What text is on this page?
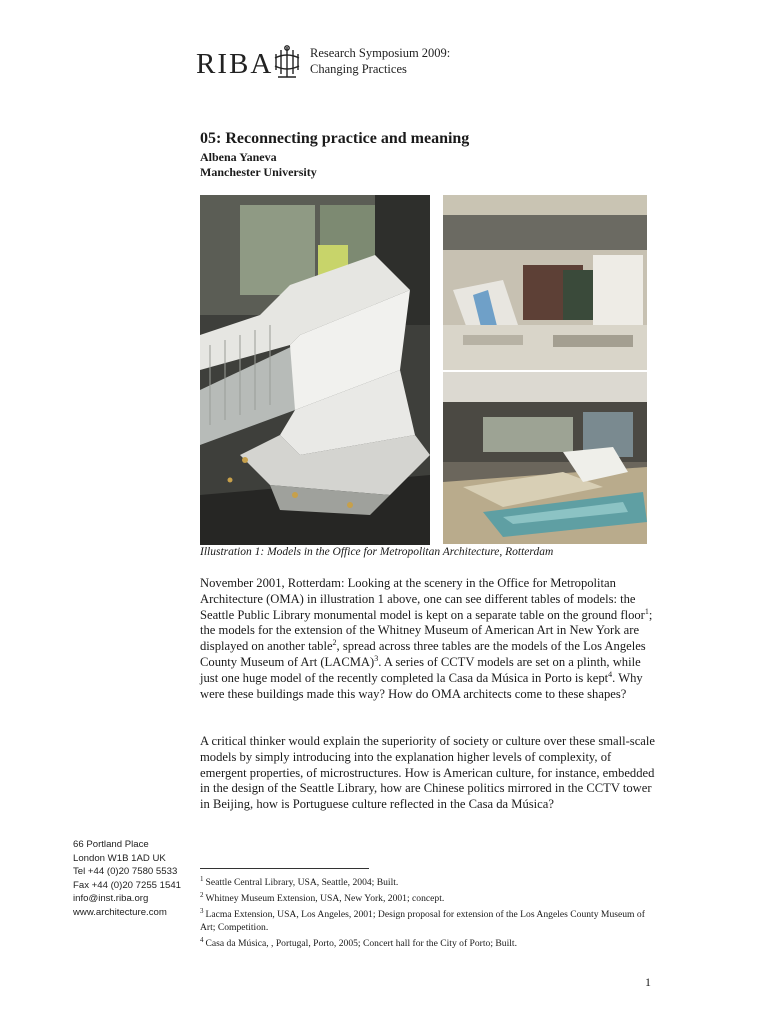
RIBA	Research Symposium 2009:
Changing Practices
05: Reconnecting practice and meaning
Albena Yaneva
Manchester University
Illustration 1: Models in the Office for Metropolitan Architecture, Rotterdam
November 2001, Rotterdam: Looking at the scenery in the Office for Metropolitan Architecture (OMA) in illustration 1 above, one can see different tables of models: the Seattle Public Library monumental model is kept on a separate table on the ground floor$^1$; the models for the extension of the Whitney Museum of American Art in New York are displayed on another table$^2$, spread across three tables are the models of the Los Angeles County Museum of Art (LACMA)$^3$. A series of CCTV models are set on a plinth, while just one huge model of the recently completed la Casa da Música in Porto is kept$^4$. Why were these buildings made this way? How do OMA architects come to these shapes?
A critical thinker would explain the superiority of society or culture over these small-scale models by simply introducing into the explanation higher levels of complexity, of emergent properties, of microstructures. How is American culture, for instance, embedded in the design of the Seattle Library, how are Chinese politics mirrored in the CCTV tower in Beijing, how is Portuguese culture reflected in the Casa da Música?
66 Portland Place
London W1B 1AD UK
Tel +44 (0)20 7580 5533
Fax +44 (0)20 7255 1541
info@inst.riba.org
www.architecture.com

$^1$ Seattle Central Library, USA, Seattle, 2004; Built.

$^2$ Whitney Museum Extension, USA, New York, 2001; concept.

$^3$ Lacma Extension, USA, Los Angeles, 2001; Design proposal for extension of the Los Angeles County Museum of Art; Competition.

$^4$ Casa da Música, , Portugal, Porto, 2005; Concert hall for the City of Porto; Built.

1
